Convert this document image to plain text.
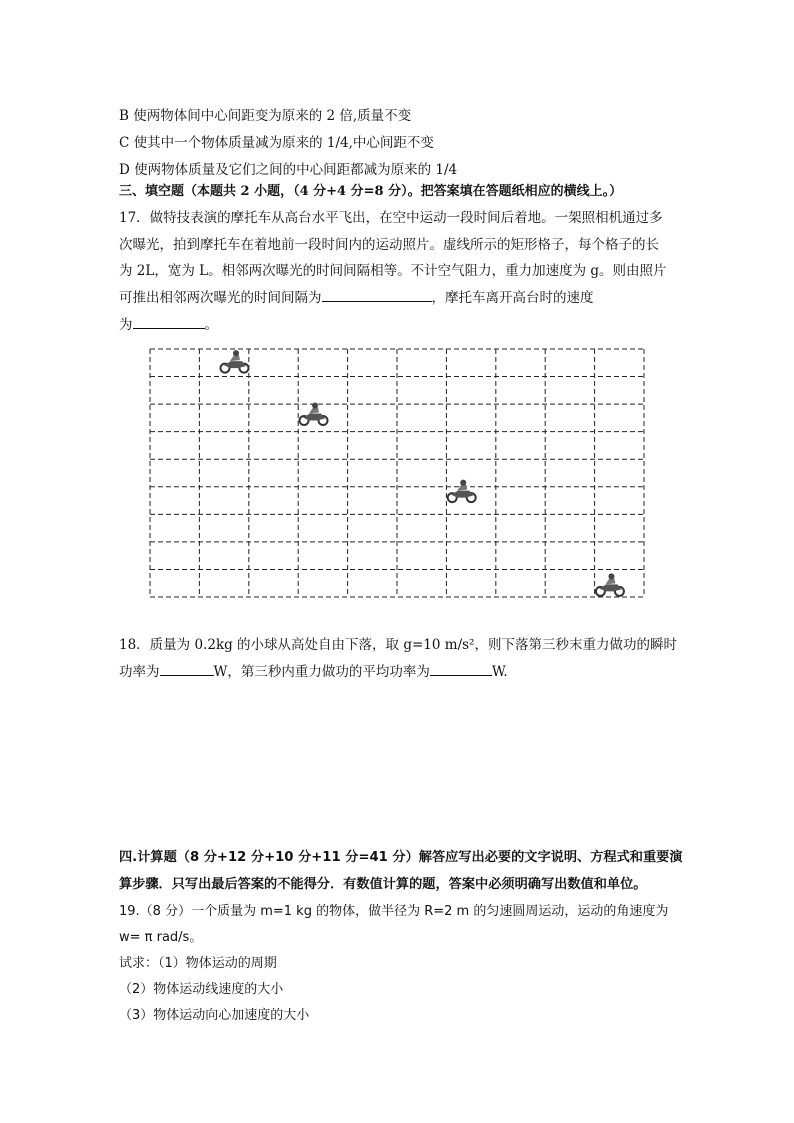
B 使两物体间中心间距变为原来的 2 倍,质量不变
C 使其中一个物体质量减为原来的 1/4,中心间距不变
D 使两物体质量及它们之间的中心间距都减为原来的 1/4
三、填空题（本题共 2 小题，（4 分+4 分=8 分）。把答案填在答题纸相应的横线上。）
17．做特技表演的摩托车从高台水平飞出，在空中运动一段时间后着地。一架照相机通过多
次曝光，拍到摩托车在着地前一段时间内的运动照片。虚线所示的矩形格子，每个格子的长
为 2L，宽为 L。相邻两次曝光的时间间隔相等。不计空气阻力，重力加速度为 g。则由照片
可推出相邻两次曝光的时间间隔为	，摩托车离开高台时的速度
为	。
18．质量为 0.2kg 的小球从高处自由下落，取 g=10 m/s²，则下落第三秒末重力做功的瞬时
功率为	W，第三秒内重力做功的平均功率为	W.
四.计算题（8 分+12 分+10 分+11 分=41 分）解答应写出必要的文字说明、方程式和重要演
算步骤．只写出最后答案的不能得分．有数值计算的题，答案中必须明确写出数值和单位。
19.（8 分）一个质量为 m=1 kg 的物体，做半径为 R=2 m 的匀速圆周运动，运动的角速度为
w= π rad/s。
试求：（1）物体运动的周期
（2）物体运动线速度的大小
（3）物体运动向心加速度的大小
